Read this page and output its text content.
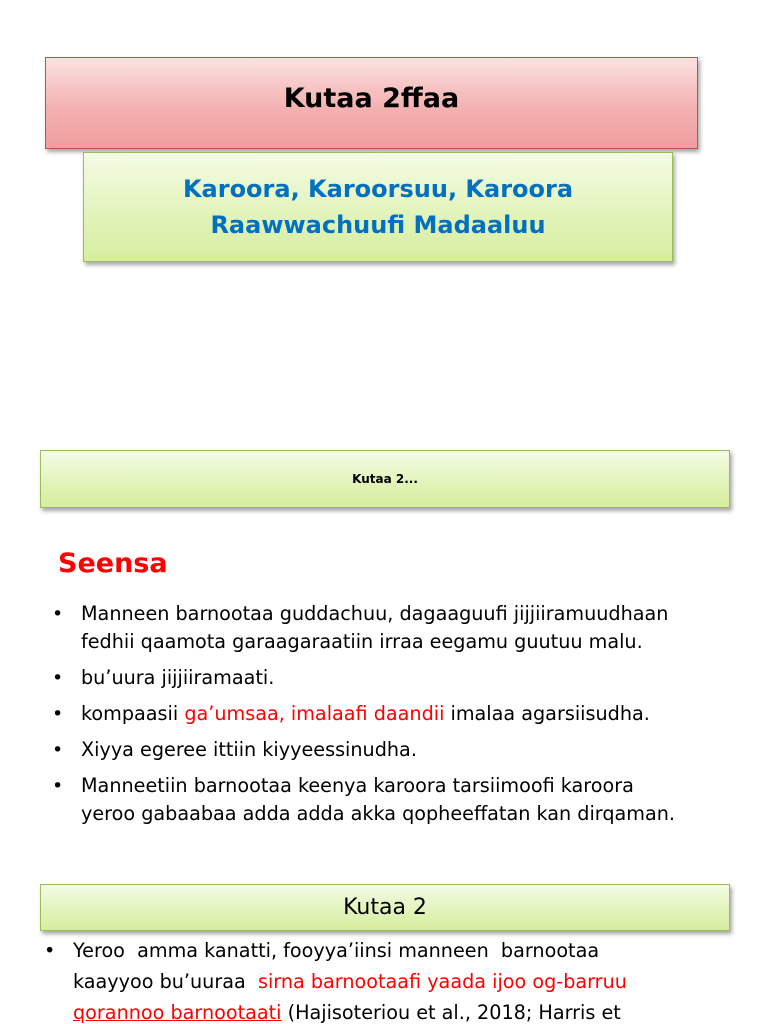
Kutaa 2ffaa
Karoora, Karoorsuu, Karoora
Raawwachuufi Madaaluu
Kutaa 2...
Seensa
• Manneen barnootaa guddachuu, dagaaguufi jijjiiramuudhaan
fedhii qaamota garaagaraatiin irraa eegamu guutuu malu.
• bu’uura jijjiiramaati.
• kompaasii ga’umsaa, imalaafi daandii imalaa agarsiisudha.
• Xiyya egeree ittiin kiyyeessinudha.
• Manneetiin barnootaa keenya karoora tarsiimoofi karoora
yeroo gabaabaa adda adda akka qopheeffatan kan dirqaman.
Kutaa 2
• Yeroo  amma kanatti, fooyya’iinsi manneen  barnootaa
kaayyoo bu’uuraa  sirna barnootaafi yaada ijoo og-barruu
qorannoo barnootaati (Hajisoteriou et al., 2018; Harris et
